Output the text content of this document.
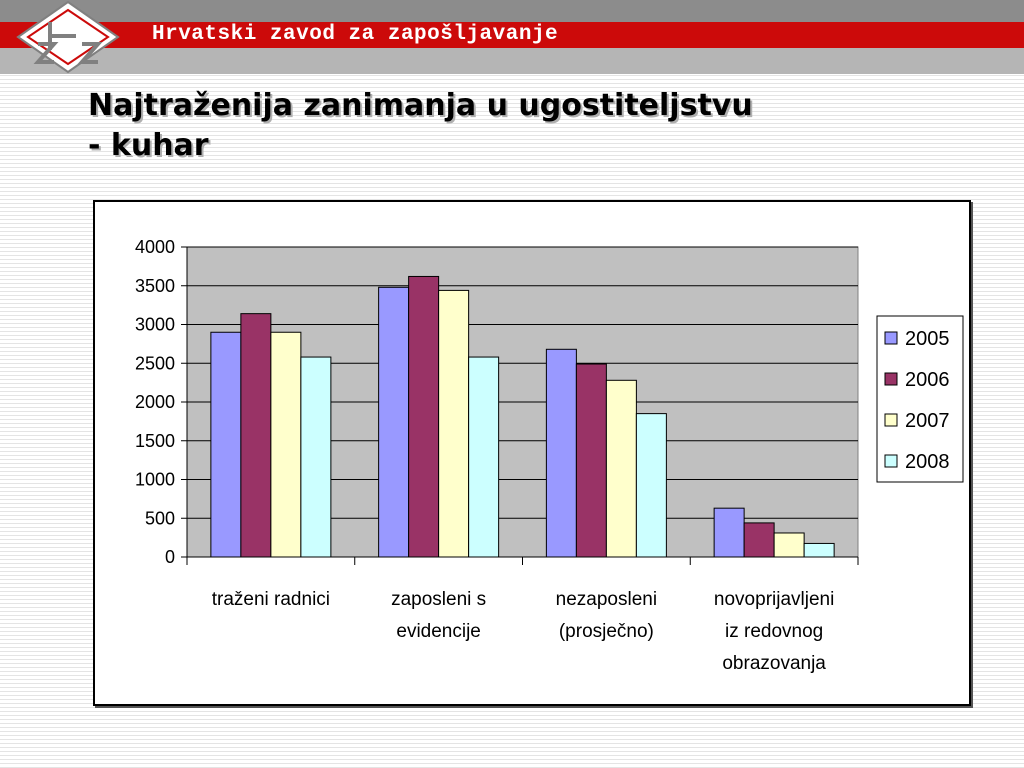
Hrvatski zavod za zapošljavanje
Najtraženija zanimanja u ugostiteljstvu
- kuhar
0
500
1000
1500
2000
2500
3000
3500
4000
traženi radnici	zaposleni s
evidencije
nezaposleni
(prosječno)
novoprijavljeni
iz redovnog
obrazovanja
2005
2006
2007
2008
